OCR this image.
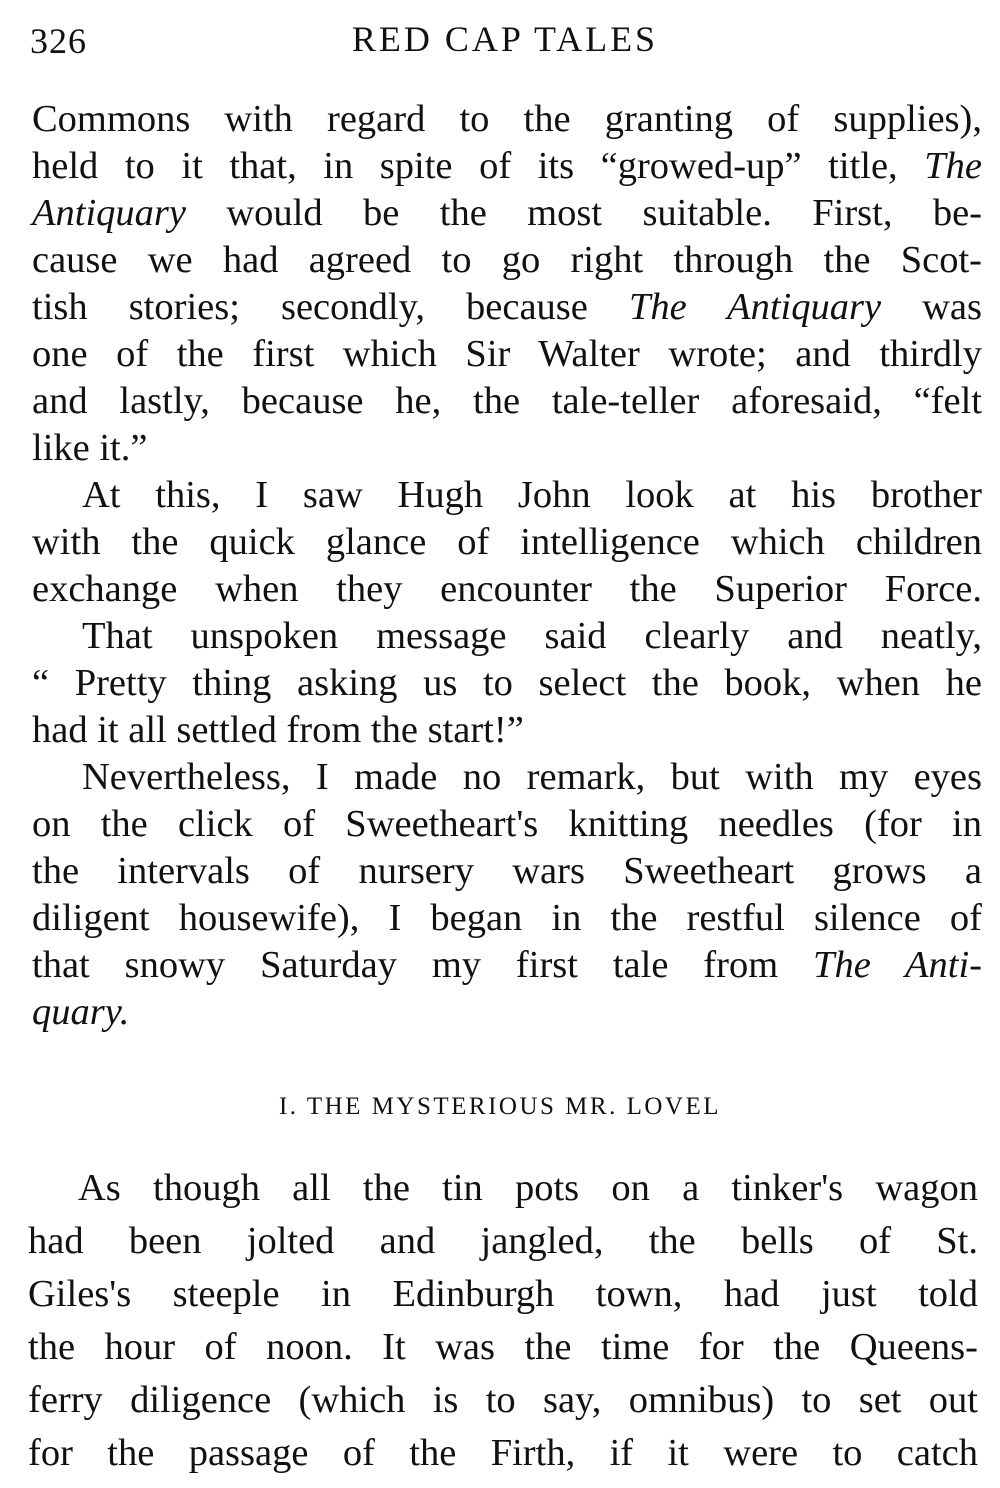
326	RED CAP TALES
Commons with regard to the granting of supplies),
held to it that, in spite of its “growed-up” title, The
Antiquary would be the most suitable. First, be-
cause we had agreed to go right through the Scot-
tish stories; secondly, because The Antiquary was
one of the first which Sir Walter wrote; and thirdly
and lastly, because he, the tale-teller aforesaid, “felt
like it.”
At this, I saw Hugh John look at his brother
with the quick glance of intelligence which children
exchange when they encounter the Superior Force.
That unspoken message said clearly and neatly,
“ Pretty thing asking us to select the book, when he
had it all settled from the start!”
Nevertheless, I made no remark, but with my eyes
on the click of Sweetheart's knitting needles (for in
the intervals of nursery wars Sweetheart grows a
diligent housewife), I began in the restful silence of
that snowy Saturday my first tale from The Anti-
quary.
I. THE MYSTERIOUS MR. LOVEL
As though all the tin pots on a tinker's wagon
had been jolted and jangled, the bells of St.
Giles's steeple in Edinburgh town, had just told
the hour of noon. It was the time for the Queens-
ferry diligence (which is to say, omnibus) to set out
for the passage of the Firth, if it were to catch
